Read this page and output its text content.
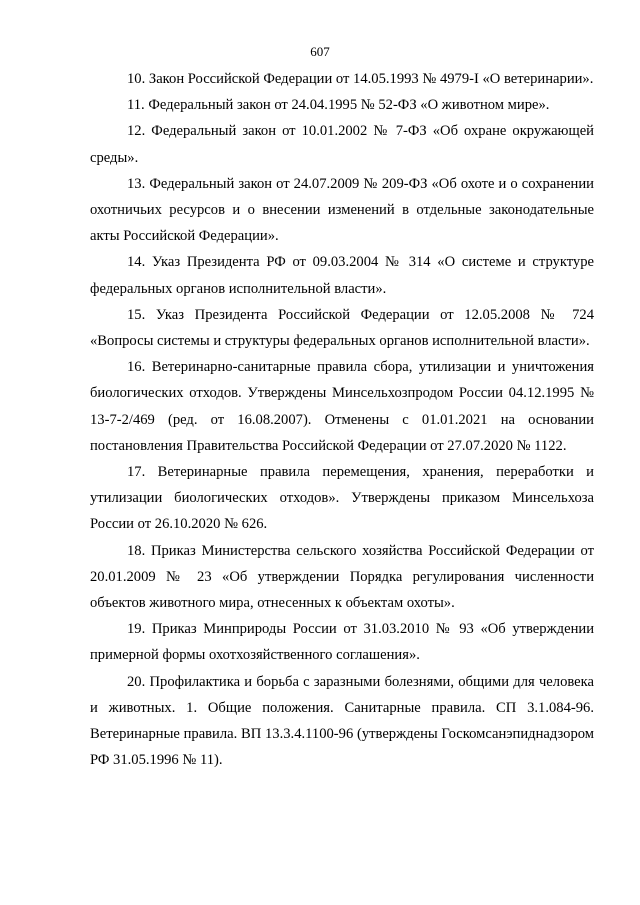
607

10. Закон Российской Федерации от 14.05.1993 № 4979-I «О ветеринарии».

11. Федеральный закон от 24.04.1995 № 52-ФЗ «О животном мире».

12. Федеральный закон от 10.01.2002 № 7-ФЗ «Об охране окружающей среды».

13. Федеральный закон от 24.07.2009 № 209-ФЗ «Об охоте и о сохранении охотничьих ресурсов и о внесении изменений в отдельные законодательные акты Российской Федерации».

14. Указ Президента РФ от 09.03.2004 № 314 «О системе и структуре федеральных органов исполнительной власти».

15. Указ Президента Российской Федерации от 12.05.2008 № 724 «Вопросы системы и структуры федеральных органов исполнительной власти».

16. Ветеринарно-санитарные правила сбора, утилизации и уничтожения биологических отходов. Утверждены Минсельхозпродом России 04.12.1995 № 13-7-2/469 (ред. от 16.08.2007). Отменены с 01.01.2021 на основании постановления Правительства Российской Федерации от 27.07.2020 № 1122.

17. Ветеринарные правила перемещения, хранения, переработки и утилизации биологических отходов». Утверждены приказом Минсельхоза России от 26.10.2020 № 626.

18. Приказ Министерства сельского хозяйства Российской Федерации от 20.01.2009 № 23 «Об утверждении Порядка регулирования численности объектов животного мира, отнесенных к объектам охоты».

19. Приказ Минприроды России от 31.03.2010 № 93 «Об утверждении примерной формы охотхозяйственного соглашения».

20. Профилактика и борьба с заразными болезнями, общими для человека и животных. 1. Общие положения. Санитарные правила. СП 3.1.084-96. Ветеринарные правила. ВП 13.3.4.1100-96 (утверждены Госкомсанэпиднадзором РФ 31.05.1996 № 11).
